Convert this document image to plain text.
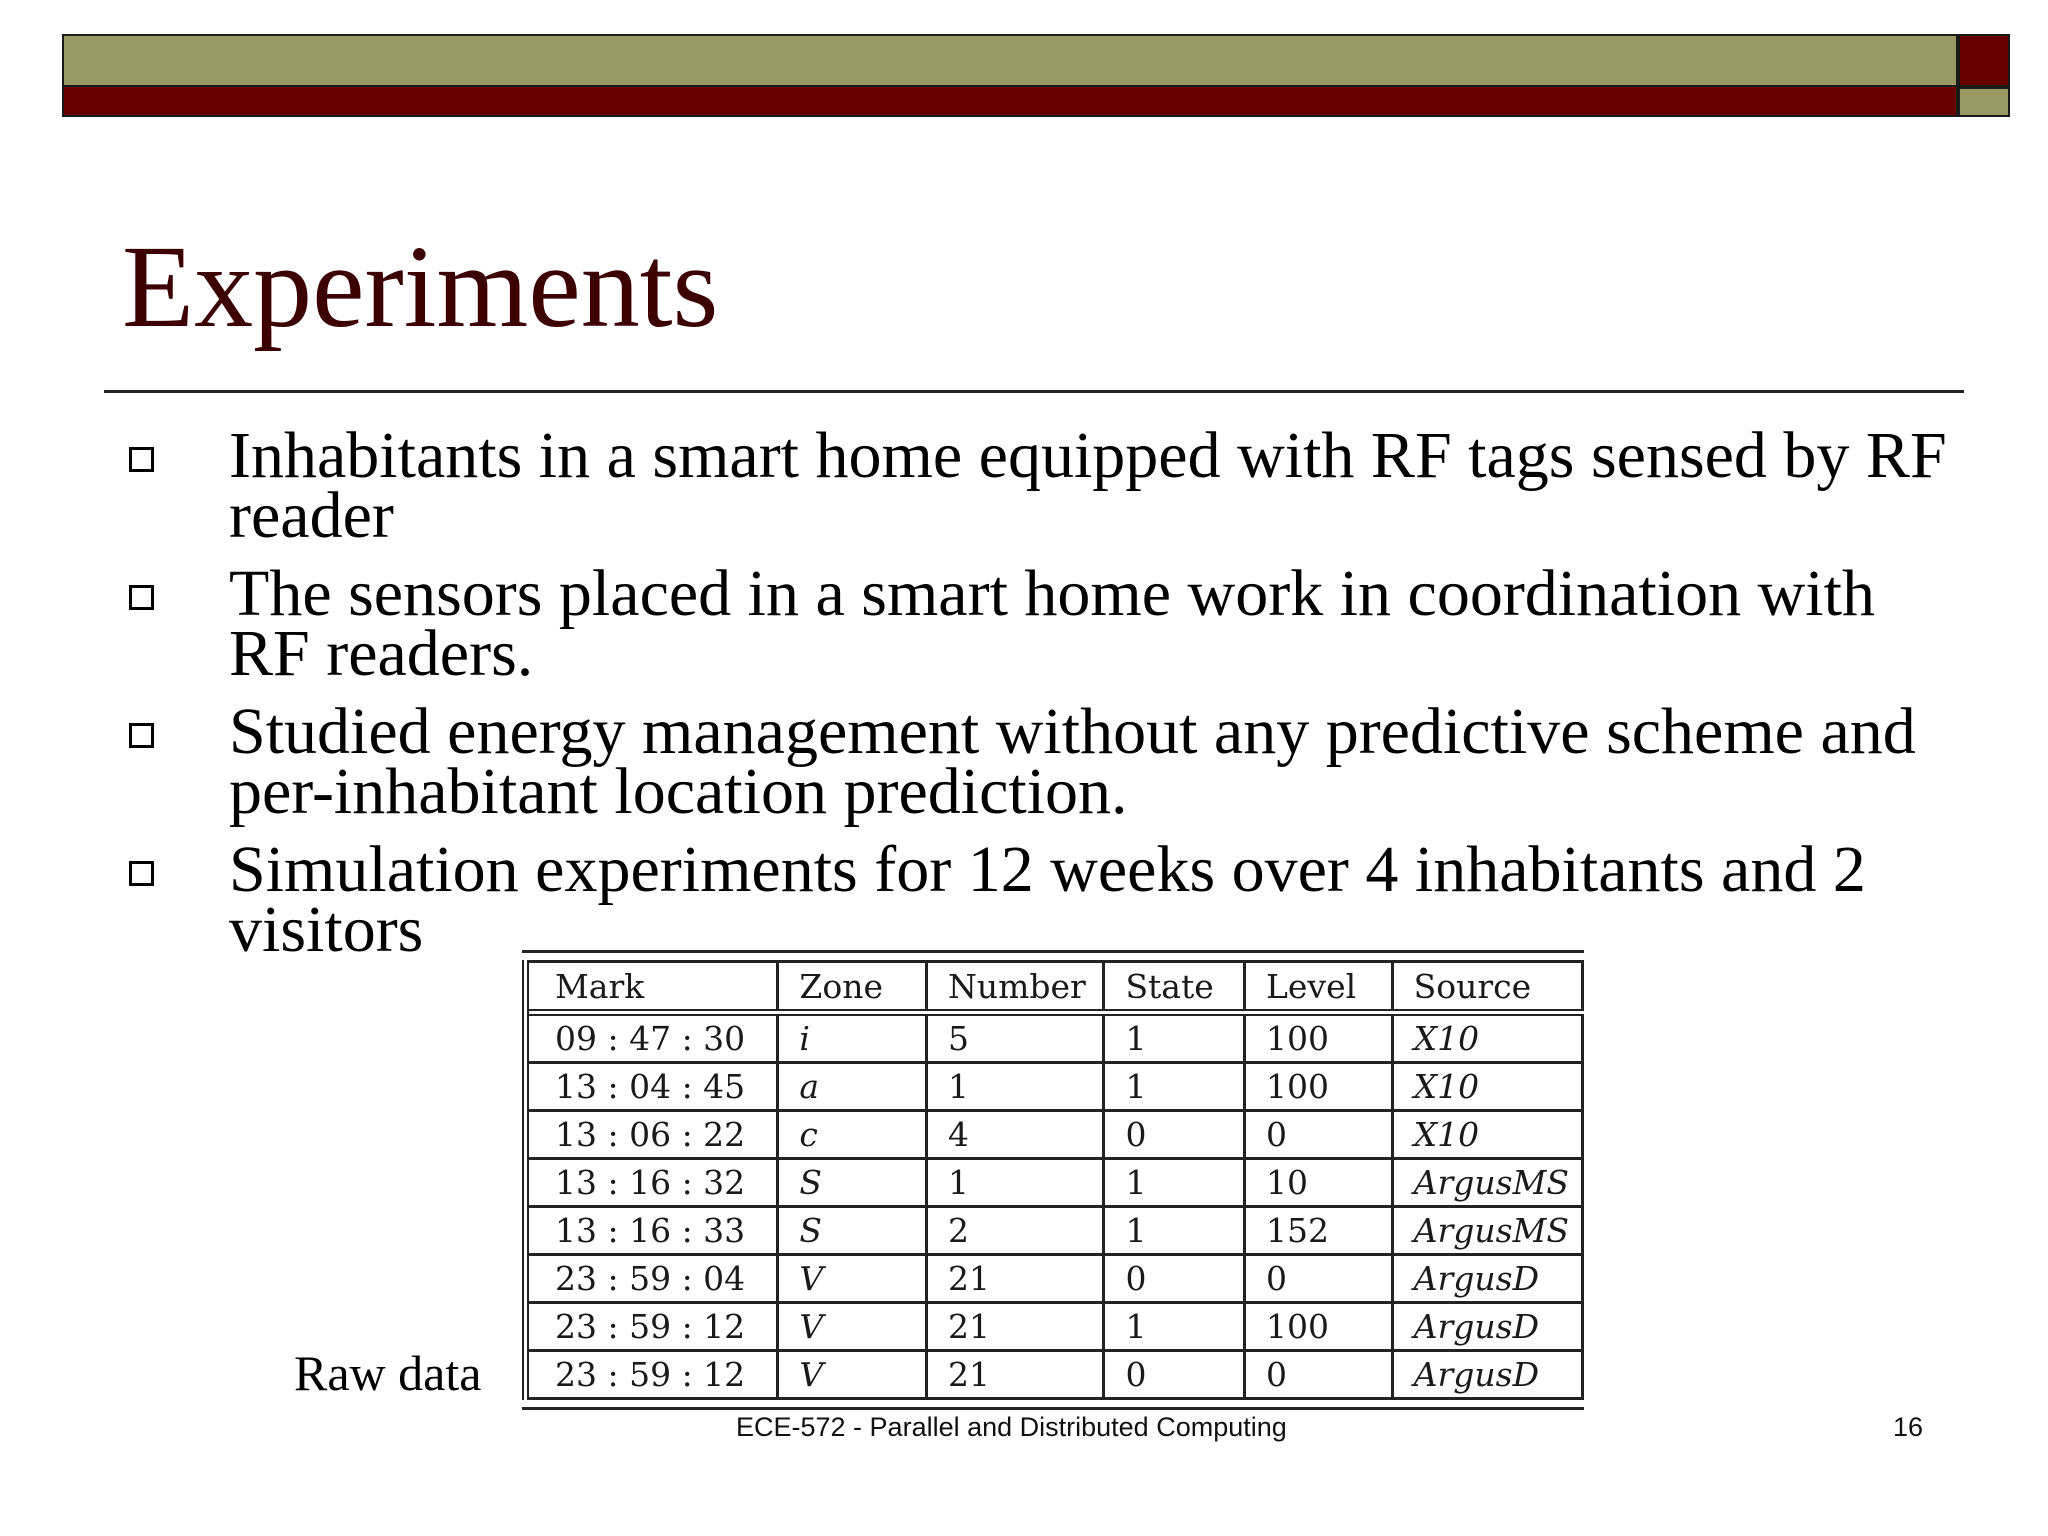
Experiments
Inhabitants in a smart home equipped with RF tags sensed by RF reader
The sensors placed in a smart home work in coordination with RF readers.
Studied energy management without any predictive scheme and per-inhabitant location prediction.
Simulation experiments for 12 weeks over 4 inhabitants and 2 visitors
Raw data
Mark	Zone	Number	State	Level	Source
09 : 47 : 30	i	5	1	100	X10
13 : 04 : 45	a	1	1	100	X10
13 : 06 : 22	c	4	0	0	X10
13 : 16 : 32	S	1	1	10	ArgusMS
13 : 16 : 33	S	2	1	152	ArgusMS
23 : 59 : 04	V	21	0	0	ArgusD
23 : 59 : 12	V	21	1	100	ArgusD
23 : 59 : 12	V	21	0	0	ArgusD
ECE-572 - Parallel and Distributed Computing	16
